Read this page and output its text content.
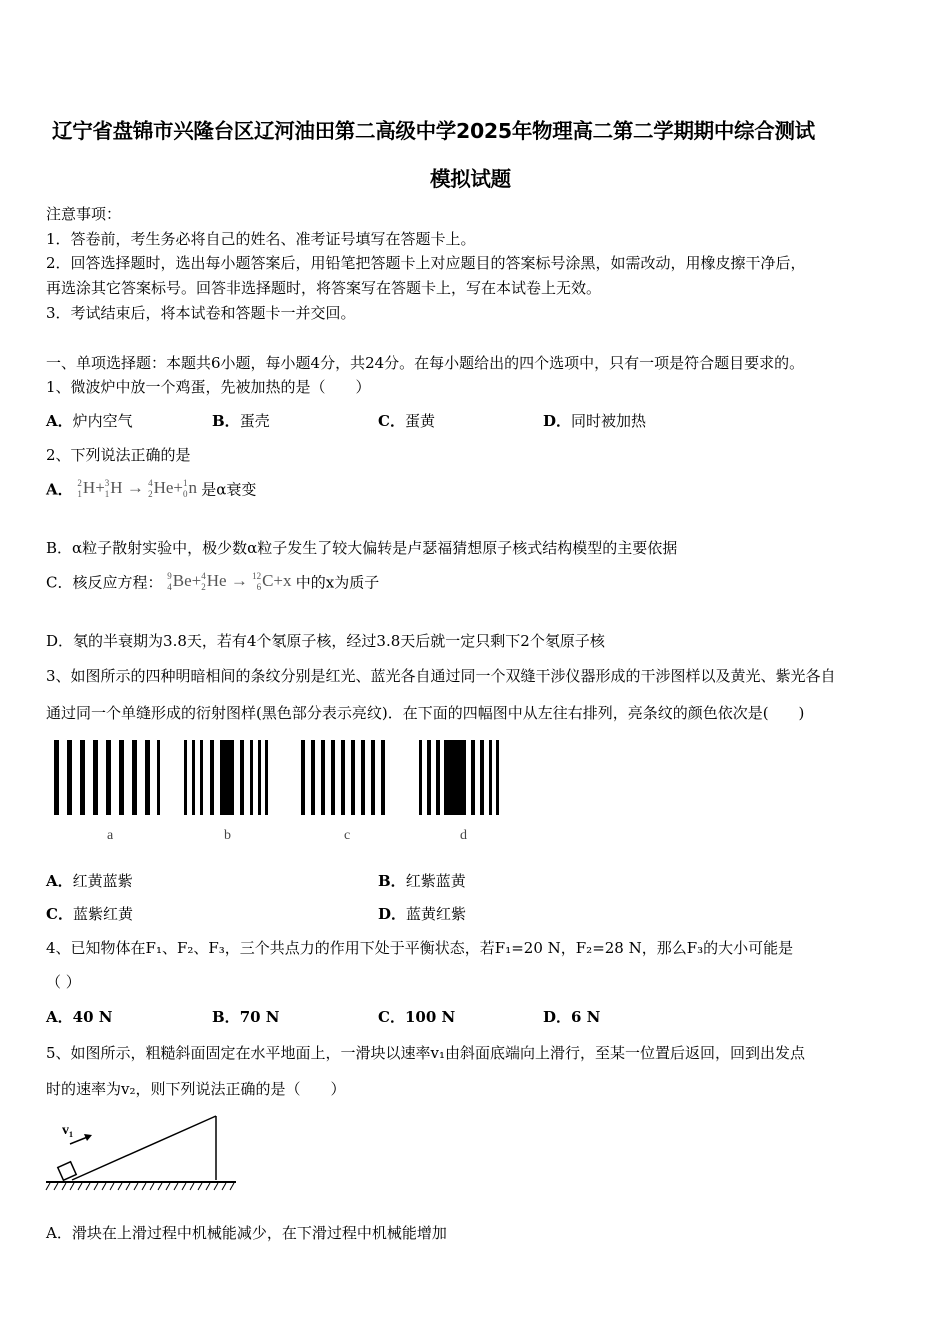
辽宁省盘锦市兴隆台区辽河油田第二高级中学2025年物理高二第二学期期中综合测试
模拟试题
注意事项：
1．答卷前，考生务必将自己的姓名、准考证号填写在答题卡上。
2．回答选择题时，选出每小题答案后，用铅笔把答题卡上对应题目的答案标号涂黑，如需改动，用橡皮擦干净后，
再选涂其它答案标号。回答非选择题时，将答案写在答题卡上，写在本试卷上无效。
3．考试结束后，将本试卷和答题卡一并交回。
一、单项选择题：本题共6小题，每小题4分，共24分。在每小题给出的四个选项中，只有一项是符合题目要求的。
1、微波炉中放一个鸡蛋，先被加热的是（　　）
A．炉内空气	B．蛋壳	C．蛋黄	D．同时被加热
2、下列说法正确的是
A． 2
1 H+ 3
1 H → 4
2 He+ 1
0 n 是α衰变
B．α粒子散射实验中，极少数α粒子发生了较大偏转是卢瑟福猜想原子核式结构模型的主要依据
C．核反应方程： 9
4 Be+ 4
2 He → 12
6 C+x 中的x为质子
D．氡的半衰期为3.8天，若有4个氡原子核，经过3.8天后就一定只剩下2个氡原子核
3、如图所示的四种明暗相间的条纹分别是红光、蓝光各自通过同一个双缝干涉仪器形成的干涉图样以及黄光、紫光各自
通过同一个单缝形成的衍射图样(黑色部分表示亮纹)．在下面的四幅图中从左往右排列，亮条纹的颜色依次是(　　)
a	b	c	d
A．红黄蓝紫	B．红紫蓝黄
C．蓝紫红黄	D．蓝黄红紫
4、已知物体在F₁、F₂、F₃，三个共点力的作用下处于平衡状态，若F₁=20 N，F₂=28 N，那么F₃的大小可能是
（ ）
A．40 N	B．70 N	C．100 N	D．6 N
5、如图所示，粗糙斜面固定在水平地面上，一滑块以速率v₁由斜面底端向上滑行，至某一位置后返回，回到出发点
时的速率为v₂，则下列说法正确的是（　　）
v₁
A．滑块在上滑过程中机械能减少，在下滑过程中机械能增加
